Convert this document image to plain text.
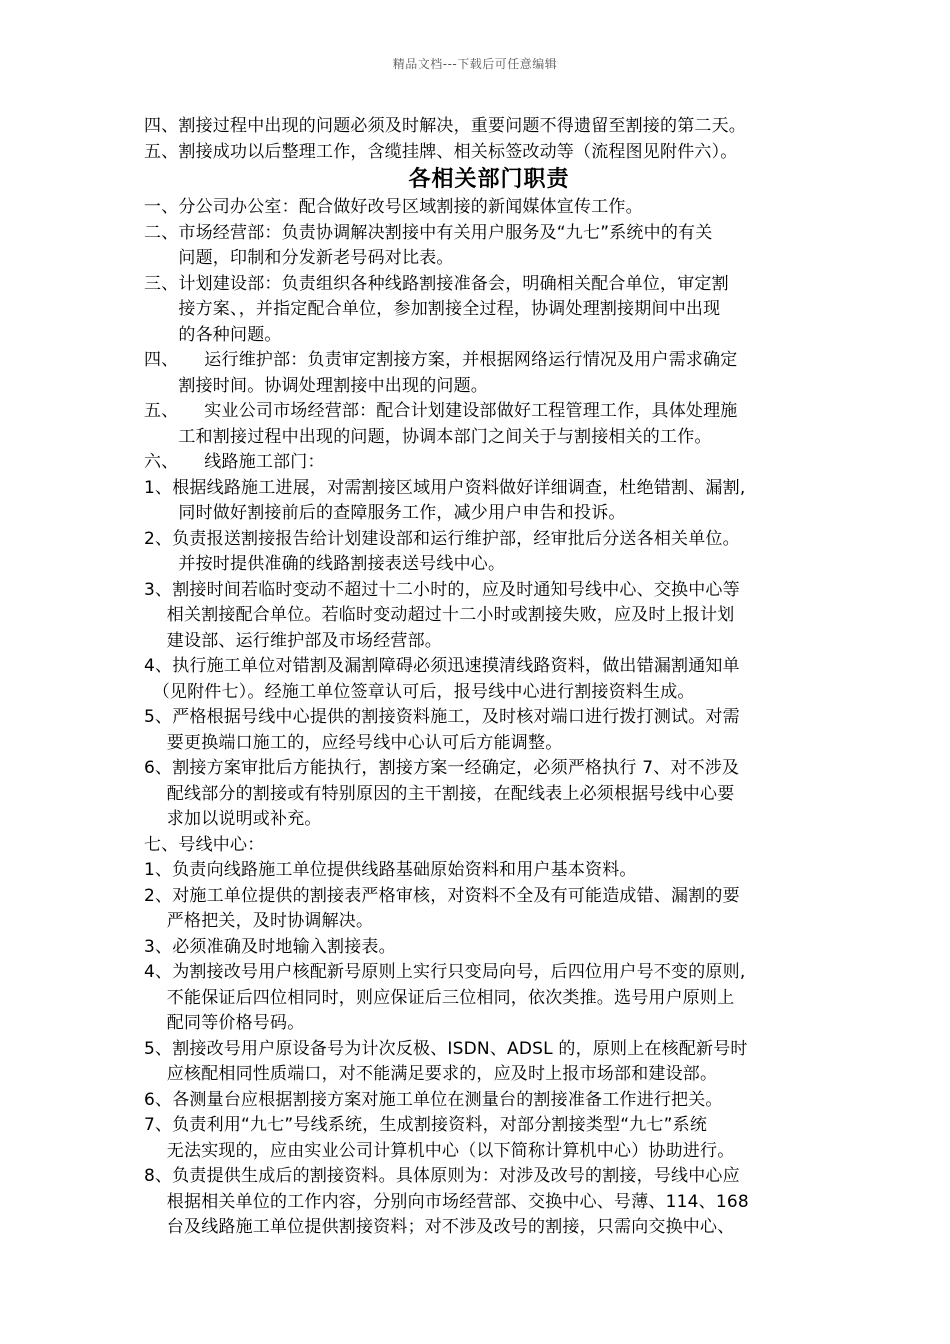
精品文档---下载后可任意编辑

四、割接过程中出现的问题必须及时解决，重要问题不得遗留至割接的第二天。

五、割接成功以后整理工作，含缆挂牌、相关标签改动等（流程图见附件六）。

各相关部门职责

一、分公司办公室：配合做好改号区域割接的新闻媒体宣传工作。

二、市场经营部：负责协调解决割接中有关用户服务及“九七”系统中的有关

　　问题，印制和分发新老号码对比表。

三、计划建设部：负责组织各种线路割接准备会，明确相关配合单位，审定割

　　接方案、，并指定配合单位，参加割接全过程，协调处理割接期间中出现

　　的各种问题。

四、　　运行维护部：负责审定割接方案，并根据网络运行情况及用户需求确定

　　割接时间。协调处理割接中出现的问题。

五、　　实业公司市场经营部：配合计划建设部做好工程管理工作，具体处理施

　　工和割接过程中出现的问题，协调本部门之间关于与割接相关的工作。

六、　　线路施工部门：

1、根据线路施工进展，对需割接区域用户资料做好详细调查，杜绝错割、漏割,

　　同时做好割接前后的查障服务工作，减少用户申告和投诉。

2、负责报送割接报告给计划建设部和运行维护部，经审批后分送各相关单位。

　　并按时提供准确的线路割接表送号线中心。

3、割接时间若临时变动不超过十二小时的，应及时通知号线中心、交换中心等

　 相关割接配合单位。若临时变动超过十二小时或割接失败，应及时上报计划

　 建设部、运行维护部及市场经营部。

4、执行施工单位对错割及漏割障碍必须迅速摸清线路资料，做出错漏割通知单

　（见附件七）。经施工单位签章认可后，报号线中心进行割接资料生成。

5、严格根据号线中心提供的割接资料施工，及时核对端口进行拨打测试。对需

　 要更换端口施工的，应经号线中心认可后方能调整。

6、割接方案审批后方能执行，割接方案一经确定，必须严格执行 7、对不涉及

　 配线部分的割接或有特别原因的主干割接，在配线表上必须根据号线中心要

　 求加以说明或补充。

七、号线中心：

1、负责向线路施工单位提供线路基础原始资料和用户基本资料。

2、对施工单位提供的割接表严格审核，对资料不全及有可能造成错、漏割的要

　 严格把关，及时协调解决。

3、必须准确及时地输入割接表。

4、为割接改号用户核配新号原则上实行只变局向号，后四位用户号不变的原则,

　 不能保证后四位相同时，则应保证后三位相同，依次类推。选号用户原则上

　 配同等价格号码。

5、割接改号用户原设备号为计次反极、ISDN、ADSL 的，原则上在核配新号时

　 应核配相同性质端口，对不能满足要求的，应及时上报市场部和建设部。

6、各测量台应根据割接方案对施工单位在测量台的割接准备工作进行把关。

7、负责利用“九七”号线系统，生成割接资料，对部分割接类型“九七”系统

　 无法实现的，应由实业公司计算机中心（以下简称计算机中心）协助进行。

8、负责提供生成后的割接资料。具体原则为：对涉及改号的割接，号线中心应

　 根据相关单位的工作内容，分别向市场经营部、交换中心、号薄、114、168

　 台及线路施工单位提供割接资料；对不涉及改号的割接，只需向交换中心、
